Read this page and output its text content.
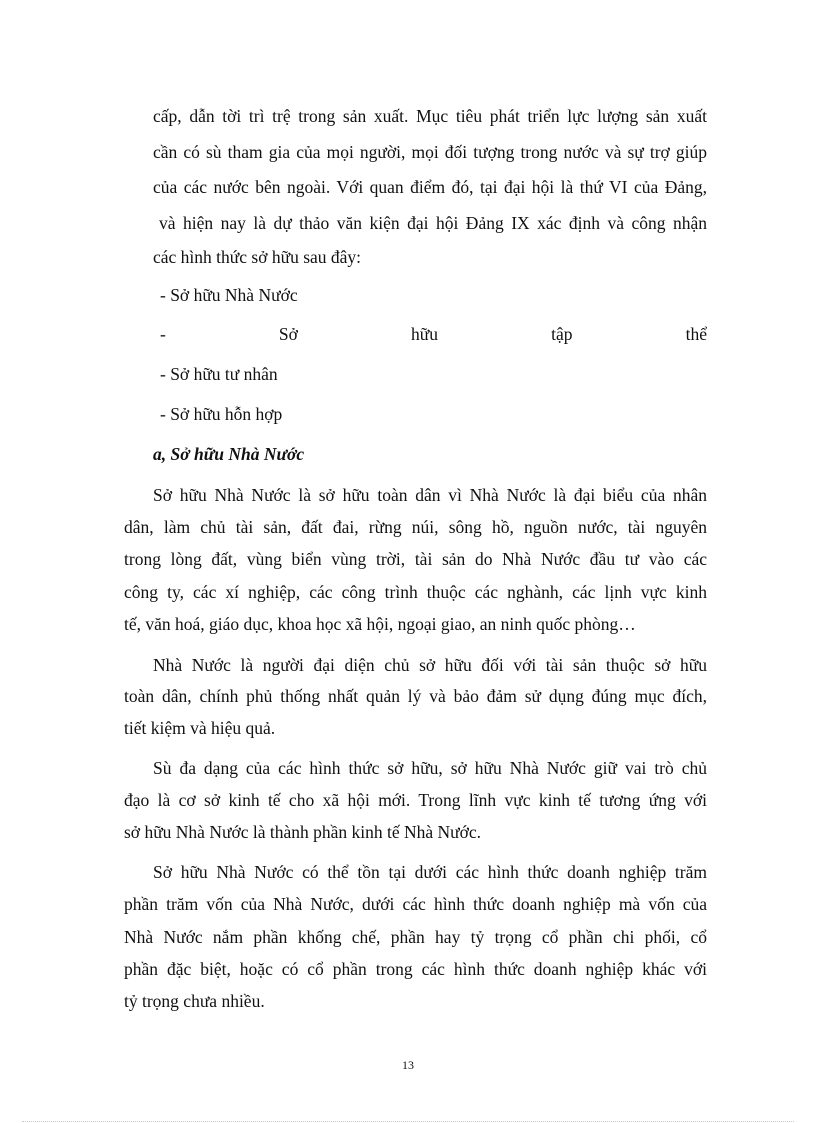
cấp, dẫn tời trì trệ trong sản xuất. Mục tiêu phát triển lực lượng sản xuất
cần có sù tham gia của mọi người, mọi đối tượng trong nước và sự trợ giúp
của các nước bên ngoài. Với quan điểm đó, tại đại hội là thứ VI của Đảng,
và hiện nay là dự thảo văn kiện đại hội Đảng IX xác định và công nhận
các hình thức sở hữu sau đây:
- Sở hữu Nhà Nước
- Sở hữu tập thể
- Sở hữu tư nhân
- Sở hữu hỗn hợp
a, Sở hữu Nhà Nước
Sở hữu Nhà Nước là sở hữu toàn dân vì Nhà Nước là đại biểu của nhân
dân, làm chủ tài sản, đất đai, rừng núi, sông hồ, nguồn nước, tài nguyên
trong lòng đất, vùng biển vùng trời, tài sản do Nhà Nước đầu tư vào các
công ty, các xí nghiệp, các công trình thuộc các nghành, các lịnh vực kinh
tế, văn hoá, giáo dục, khoa học xã hội, ngoại giao, an ninh quốc phòng…
Nhà Nước là người đại diện chủ sở hữu đối với tài sản thuộc sở hữu
toàn dân, chính phủ thống nhất quản lý và bảo đảm sử dụng đúng mục đích,
tiết kiệm và hiệu quả.
Sù đa dạng của các hình thức sở hữu, sở hữu Nhà Nước giữ vai trò chủ
đạo là cơ sở kinh tế cho xã hội mới. Trong lĩnh vực kinh tế tương ứng với
sở hữu Nhà Nước là thành phần kinh tế Nhà Nước.
Sở hữu Nhà Nước có thể tồn tại dưới các hình thức doanh nghiệp trăm
phần trăm vốn của Nhà Nước, dưới các hình thức doanh nghiệp mà vốn của
Nhà Nước nắm phần khống chế, phần hay tỷ trọng cổ phần chi phối, cổ
phần đặc biệt, hoặc có cổ phần trong các hình thức doanh nghiệp khác với
tỷ trọng chưa nhiều.
13
